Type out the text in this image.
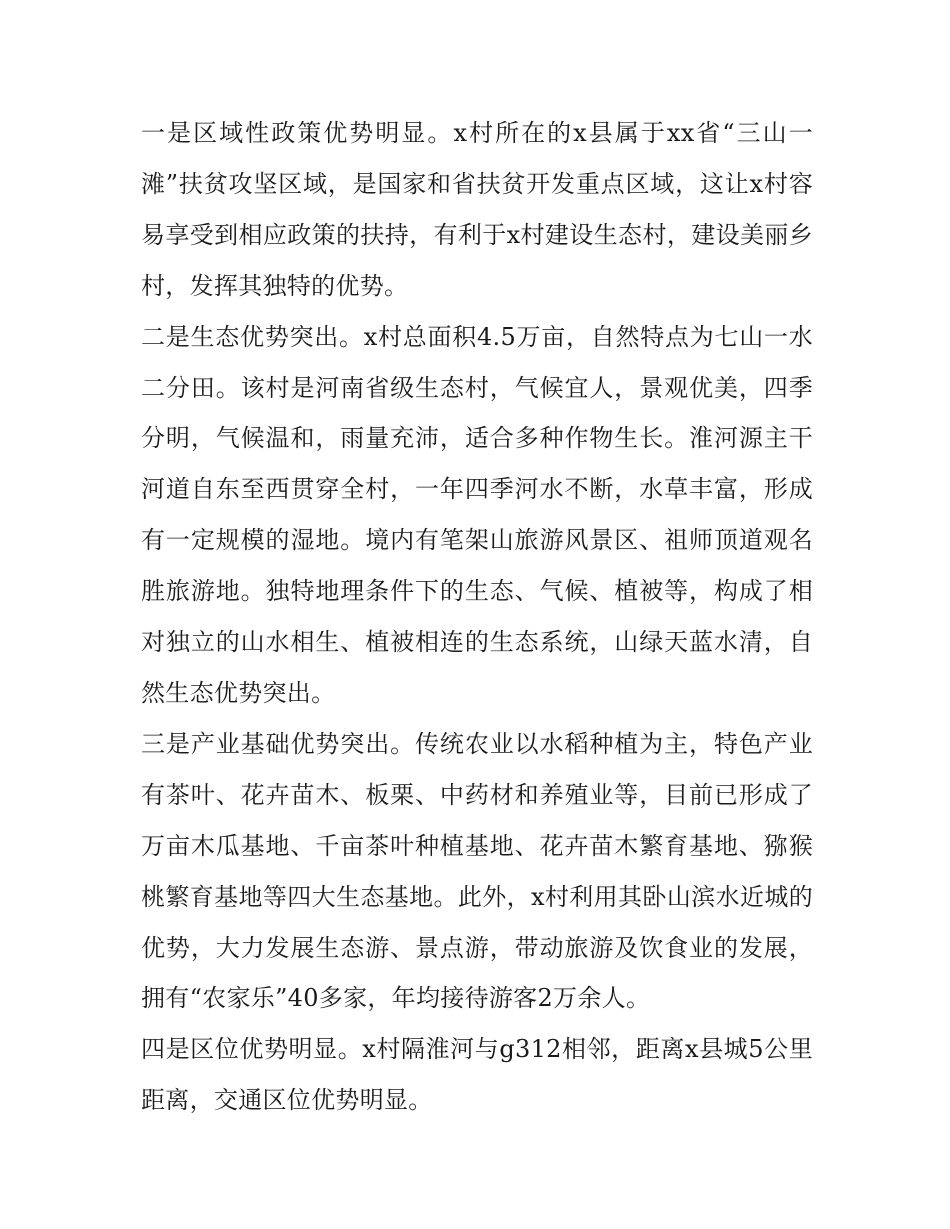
一是区域性政策优势明显。x村所在的x县属于xx省“三山一滩”扶贫攻坚区域，是国家和省扶贫开发重点区域，这让x村容易享受到相应政策的扶持，有利于x村建设生态村，建设美丽乡村，发挥其独特的优势。

二是生态优势突出。x村总面积4.5万亩，自然特点为七山一水二分田。该村是河南省级生态村，气候宜人，景观优美，四季分明，气候温和，雨量充沛，适合多种作物生长。淮河源主干河道自东至西贯穿全村，一年四季河水不断，水草丰富，形成有一定规模的湿地。境内有笔架山旅游风景区、祖师顶道观名胜旅游地。独特地理条件下的生态、气候、植被等，构成了相对独立的山水相生、植被相连的生态系统，山绿天蓝水清，自然生态优势突出。

三是产业基础优势突出。传统农业以水稻种植为主，特色产业有茶叶、花卉苗木、板栗、中药材和养殖业等，目前已形成了万亩木瓜基地、千亩茶叶种植基地、花卉苗木繁育基地、猕猴桃繁育基地等四大生态基地。此外，x村利用其卧山滨水近城的优势，大力发展生态游、景点游，带动旅游及饮食业的发展，拥有“农家乐”40多家，年均接待游客2万余人。

四是区位优势明显。x村隔淮河与g312相邻，距离x县城5公里距离，交通区位优势明显。
